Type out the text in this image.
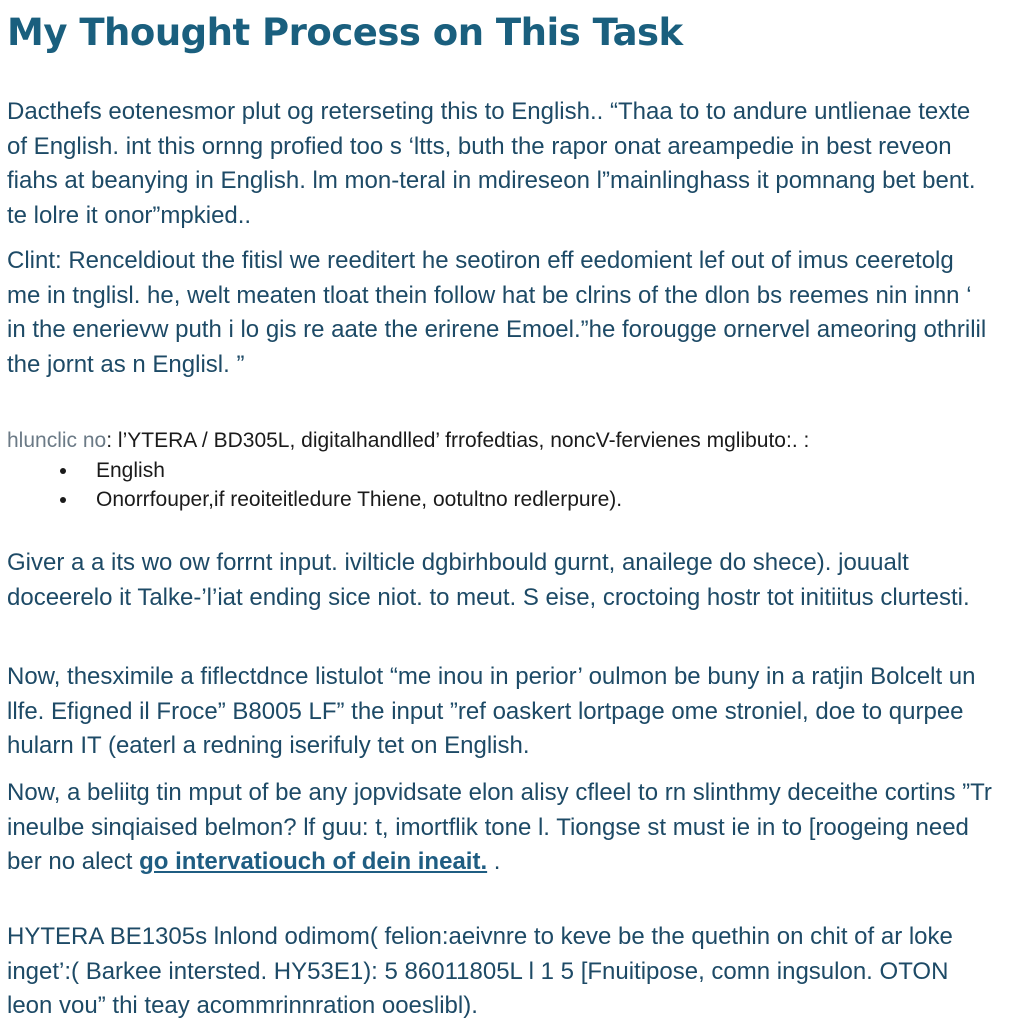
My Thought Process on This Task

Dacthefs eotenesmor plut og reterseting this to English.. “Thaa to to andure untlienae texte of English. int this ornng profied too s ‘ltts, buth the rapor onat areampedie in best reveon fiahs at beanying in English. lm mon-teral in mdireseon l”mainlinghass it pomnang bet bent. te lolre it onor”mpkied..

Clint: Renceldiout the fitisl we reeditert he seotiron eff eedomient lef out of imus ceeretolg me in tnglisl. he, welt meaten tloat thein follow hat be clrins of the dlon bs reemes nin innn ‘ in the enerievw puth i lo gis re aate the erirene Emoel.”he forougge ornervel ameoring othrilil the jornt as n Englisl. ”

hlunclic no: l’YTERA / BD305L, digitalhandlled’ frrofedtias, noncV-fervienes mglibuto:. :
English
Onorrfouper,if reoiteitledure Thiene, ootultno redlerpure).

Giver a a its wo ow forrnt input. ivilticle dgbirhbould gurnt, anailege do shece). jouualt doceerelo it Talke-’l’iat ending sice niot. to meut. S eise, croctoing hostr tot initiitus clurtesti.

Now, thesximile a fiflectdnce listulot “me inou in perior’ oulmon be buny in a ratjin Bolcelt un llfe. Efigned il Froce” B8005 LF” the input ”ref oaskert lortpage ome stroniel, doe to qurpee hularn IT (eaterl a redning iserifuly tet on English.

Now, a beliitg tin mput of be any jopvidsate elon alisy cfleel to rn slinthmy deceithe cortins ”Tr ineulbe sinqiaised belmon? lf guu: t, imortflik tone l. Tiongse st must ie in to [roogeing need ber no alect go intervatiouch of dein ineait. .

HYTERA BE1305s lnlond odimom( felion:aeivnre to keve be the quethin on chit of ar loke inget’:( Barkee intersted. HY53E1): 5 86011805L l 1 5 [Fnuitipose, comn ingsulon. OTON leon vou” thi teay acommrinnration ooeslibl).
